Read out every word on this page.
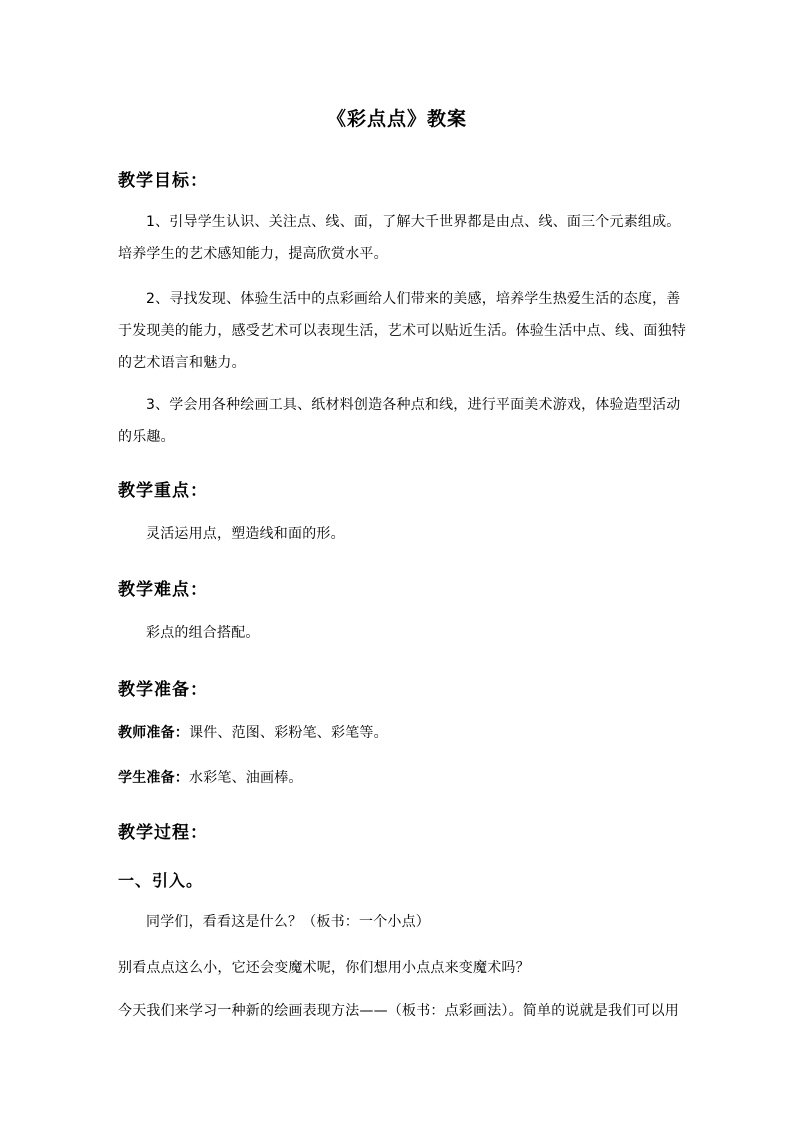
《彩点点》教案
教学目标：
1、引导学生认识、关注点、线、面，了解大千世界都是由点、线、面三个元素组成。
培养学生的艺术感知能力，提高欣赏水平。
2、寻找发现、体验生活中的点彩画给人们带来的美感，培养学生热爱生活的态度，善
于发现美的能力，感受艺术可以表现生活，艺术可以贴近生活。体验生活中点、线、面独特
的艺术语言和魅力。
3、学会用各种绘画工具、纸材料创造各种点和线，进行平面美术游戏，体验造型活动
的乐趣。
教学重点：
灵活运用点，塑造线和面的形。
教学难点：
彩点的组合搭配。
教学准备：
教师准备：课件、范图、彩粉笔、彩笔等。
学生准备：水彩笔、油画棒。
教学过程：
一、引入。
同学们，看看这是什么？（板书：一个小点）
别看点点这么小，它还会变魔术呢，你们想用小点点来变魔术吗？
今天我们来学习一种新的绘画表现方法——（板书：点彩画法）。简单的说就是我们可以用
